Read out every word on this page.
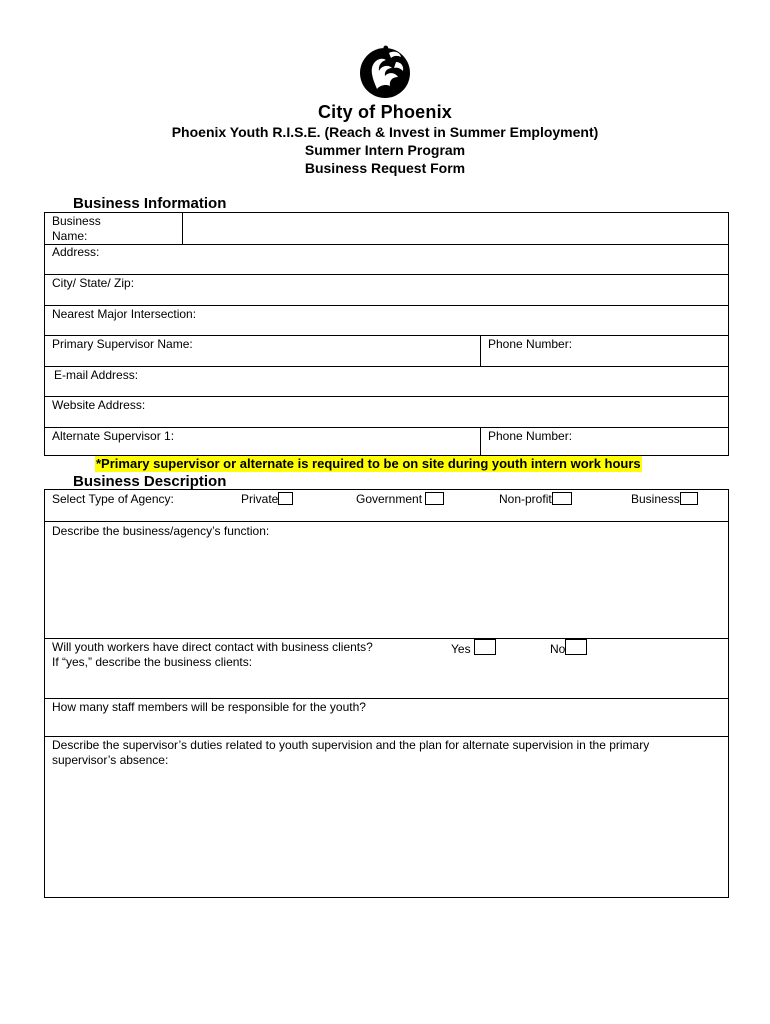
City of Phoenix
Phoenix Youth R.I.S.E. (Reach & Invest in Summer Employment)
Summer Intern Program
Business Request Form
Business Information
Business Name:
Address:
City/ State/ Zip:
Nearest Major Intersection:
Primary Supervisor Name:	Phone Number:
E-mail Address:
Website Address:
Alternate Supervisor 1:	Phone Number:
*Primary supervisor or alternate is required to be on site during youth intern work hours
Business Description
Select Type of Agency:	Private	Government	Non-profit	Business
Describe the business/agency’s function:
Will youth workers have direct contact with business clients?
If “yes,” describe the business clients:
Yes	No
How many staff members will be responsible for the youth?
Describe the supervisor’s duties related to youth supervision and the plan for alternate supervision in the primary supervisor’s absence:
